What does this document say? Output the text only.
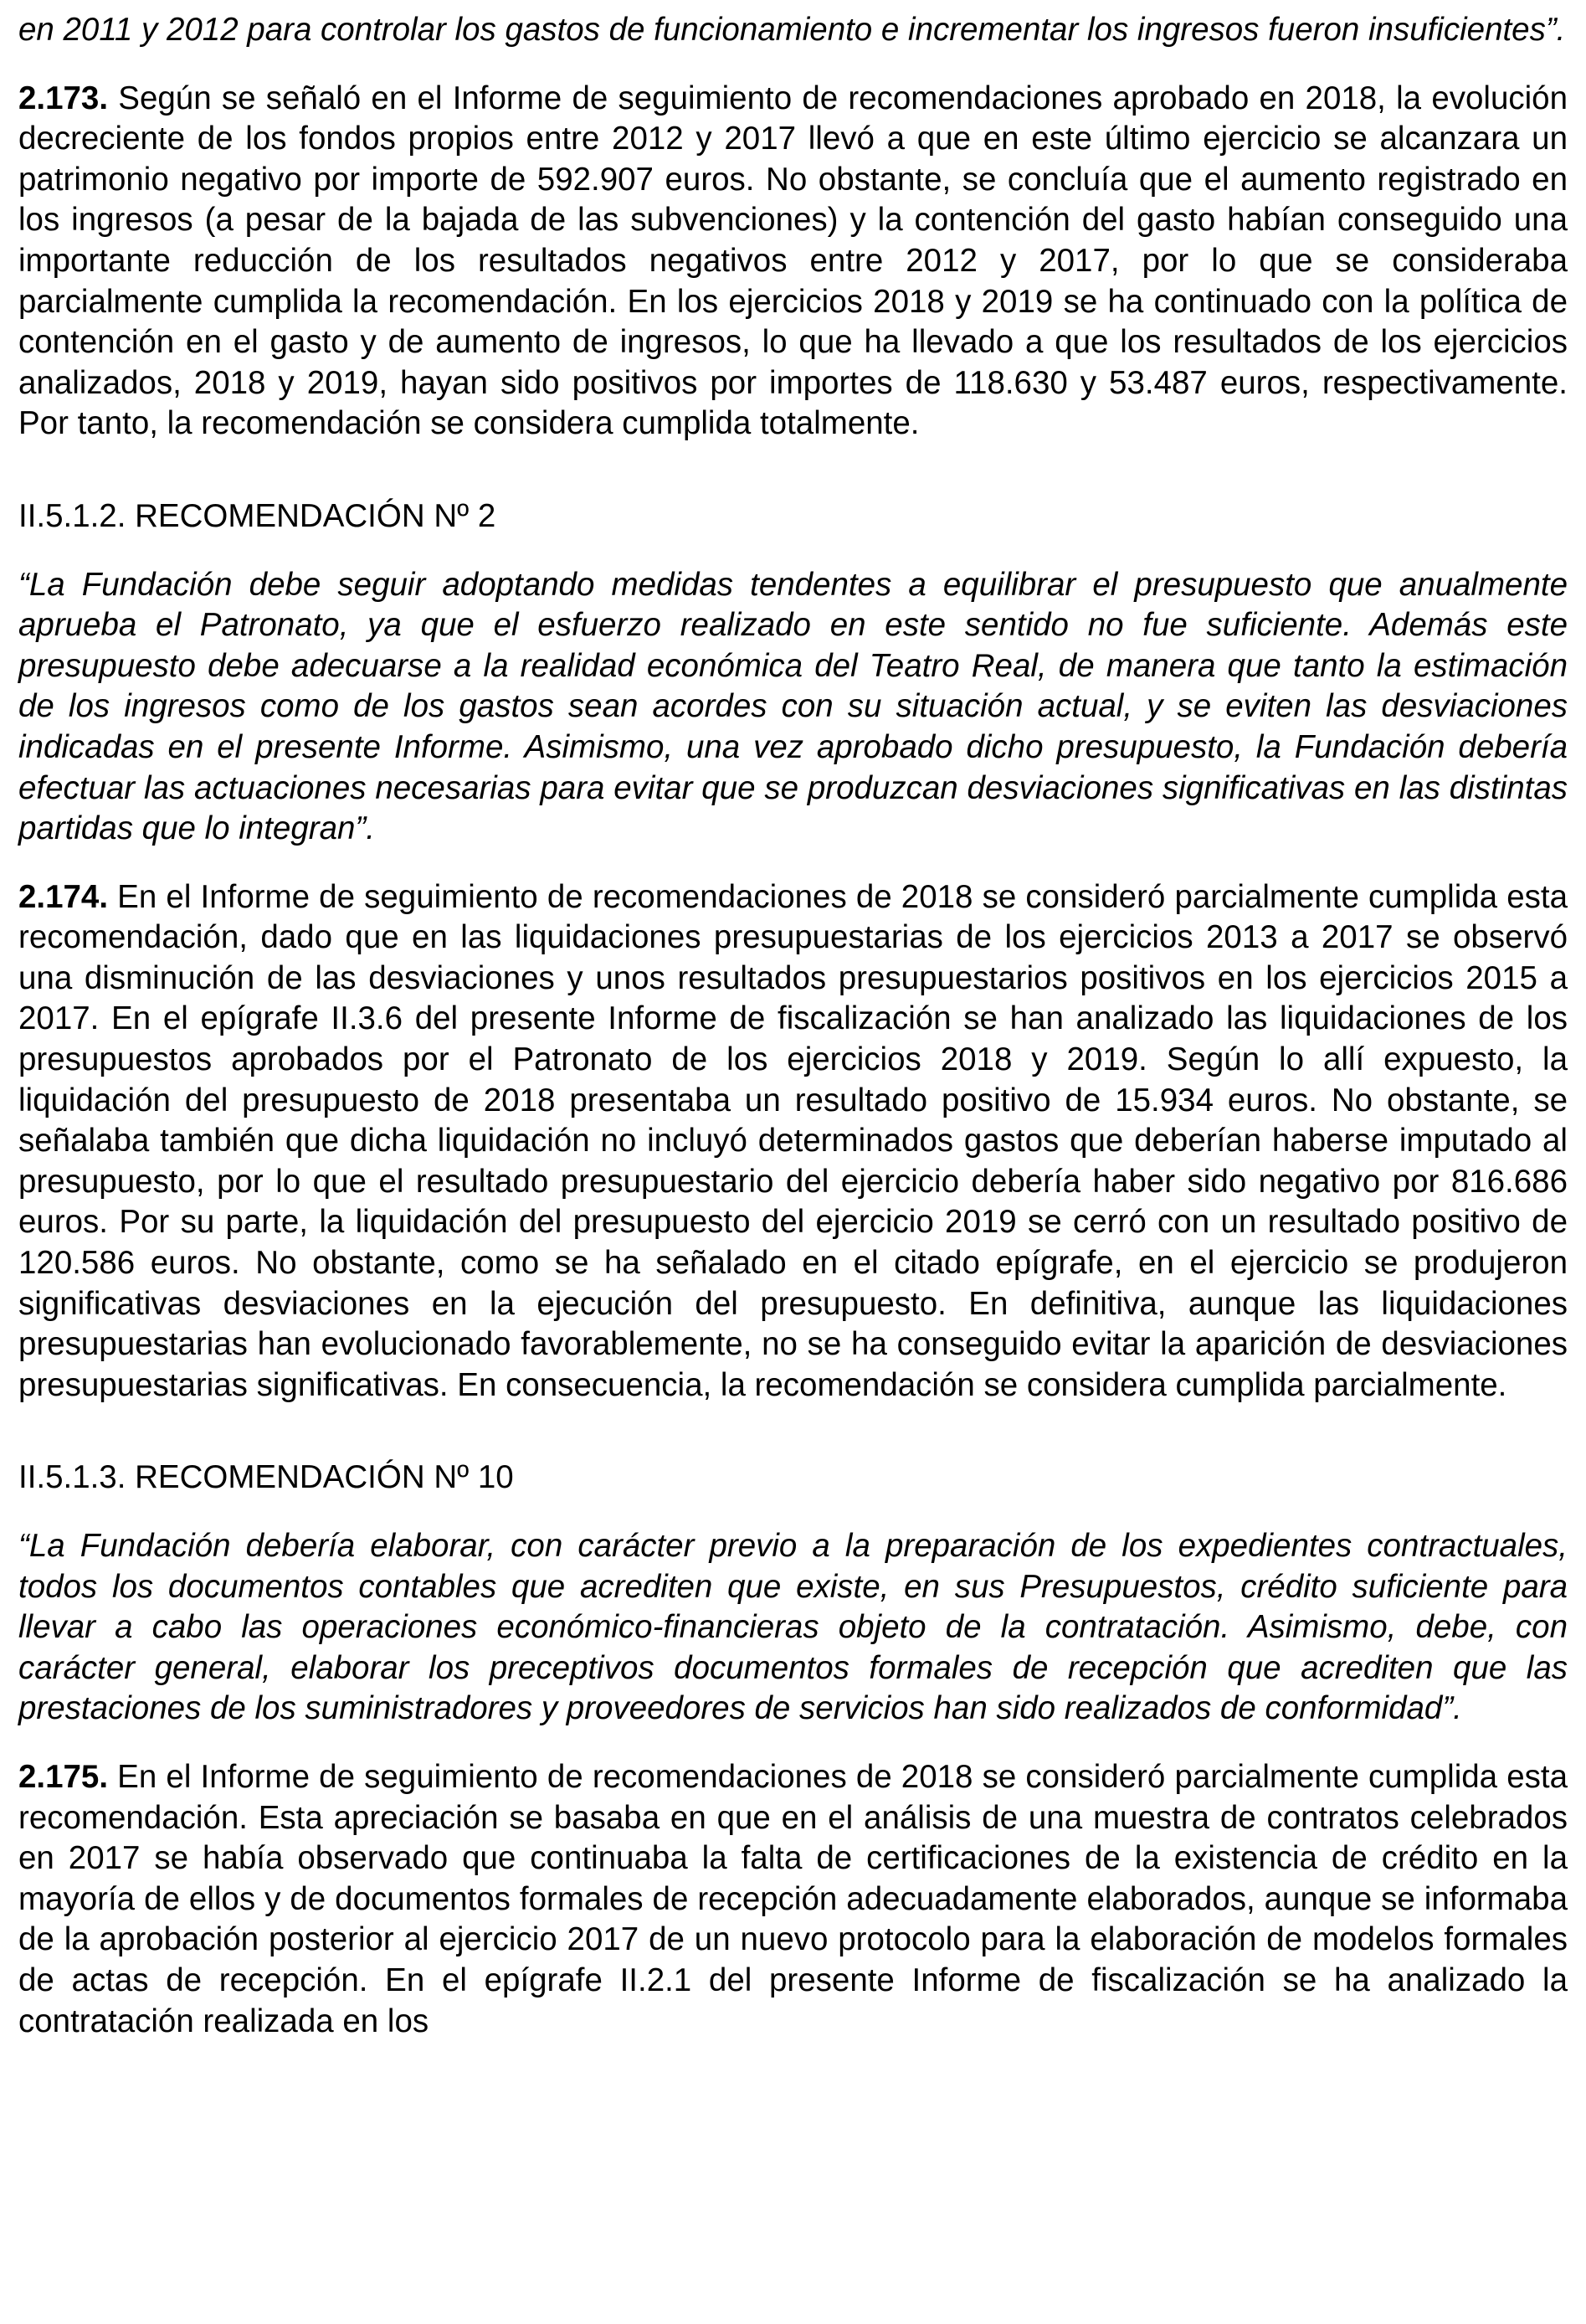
en 2011 y 2012 para controlar los gastos de funcionamiento e incrementar los ingresos fueron insuficientes”.

2.173. Según se señaló en el Informe de seguimiento de recomendaciones aprobado en 2018, la evolución decreciente de los fondos propios entre 2012 y 2017 llevó a que en este último ejercicio se alcanzara un patrimonio negativo por importe de 592.907 euros. No obstante, se concluía que el aumento registrado en los ingresos (a pesar de la bajada de las subvenciones) y la contención del gasto habían conseguido una importante reducción de los resultados negativos entre 2012 y 2017, por lo que se consideraba parcialmente cumplida la recomendación. En los ejercicios 2018 y 2019 se ha continuado con la política de contención en el gasto y de aumento de ingresos, lo que ha llevado a que los resultados de los ejercicios analizados, 2018 y 2019, hayan sido positivos por importes de 118.630 y 53.487 euros, respectivamente. Por tanto, la recomendación se considera cumplida totalmente.

II.5.1.2. RECOMENDACIÓN Nº 2

“La Fundación debe seguir adoptando medidas tendentes a equilibrar el presupuesto que anualmente aprueba el Patronato, ya que el esfuerzo realizado en este sentido no fue suficiente. Además este presupuesto debe adecuarse a la realidad económica del Teatro Real, de manera que tanto la estimación de los ingresos como de los gastos sean acordes con su situación actual, y se eviten las desviaciones indicadas en el presente Informe. Asimismo, una vez aprobado dicho presupuesto, la Fundación debería efectuar las actuaciones necesarias para evitar que se produzcan desviaciones significativas en las distintas partidas que lo integran”.

2.174. En el Informe de seguimiento de recomendaciones de 2018 se consideró parcialmente cumplida esta recomendación, dado que en las liquidaciones presupuestarias de los ejercicios 2013 a 2017 se observó una disminución de las desviaciones y unos resultados presupuestarios positivos en los ejercicios 2015 a 2017. En el epígrafe II.3.6 del presente Informe de fiscalización se han analizado las liquidaciones de los presupuestos aprobados por el Patronato de los ejercicios 2018 y 2019. Según lo allí expuesto, la liquidación del presupuesto de 2018 presentaba un resultado positivo de 15.934 euros. No obstante, se señalaba también que dicha liquidación no incluyó determinados gastos que deberían haberse imputado al presupuesto, por lo que el resultado presupuestario del ejercicio debería haber sido negativo por 816.686 euros. Por su parte, la liquidación del presupuesto del ejercicio 2019 se cerró con un resultado positivo de 120.586 euros. No obstante, como se ha señalado en el citado epígrafe, en el ejercicio se produjeron significativas desviaciones en la ejecución del presupuesto. En definitiva, aunque las liquidaciones presupuestarias han evolucionado favorablemente, no se ha conseguido evitar la aparición de desviaciones presupuestarias significativas. En consecuencia, la recomendación se considera cumplida parcialmente.

II.5.1.3. RECOMENDACIÓN Nº 10

“La Fundación debería elaborar, con carácter previo a la preparación de los expedientes contractuales, todos los documentos contables que acrediten que existe, en sus Presupuestos, crédito suficiente para llevar a cabo las operaciones económico-financieras objeto de la contratación. Asimismo, debe, con carácter general, elaborar los preceptivos documentos formales de recepción que acrediten que las prestaciones de los suministradores y proveedores de servicios han sido realizados de conformidad”.

2.175. En el Informe de seguimiento de recomendaciones de 2018 se consideró parcialmente cumplida esta recomendación. Esta apreciación se basaba en que en el análisis de una muestra de contratos celebrados en 2017 se había observado que continuaba la falta de certificaciones de la existencia de crédito en la mayoría de ellos y de documentos formales de recepción adecuadamente elaborados, aunque se informaba de la aprobación posterior al ejercicio 2017 de un nuevo protocolo para la elaboración de modelos formales de actas de recepción. En el epígrafe II.2.1 del presente Informe de fiscalización se ha analizado la contratación realizada en los
